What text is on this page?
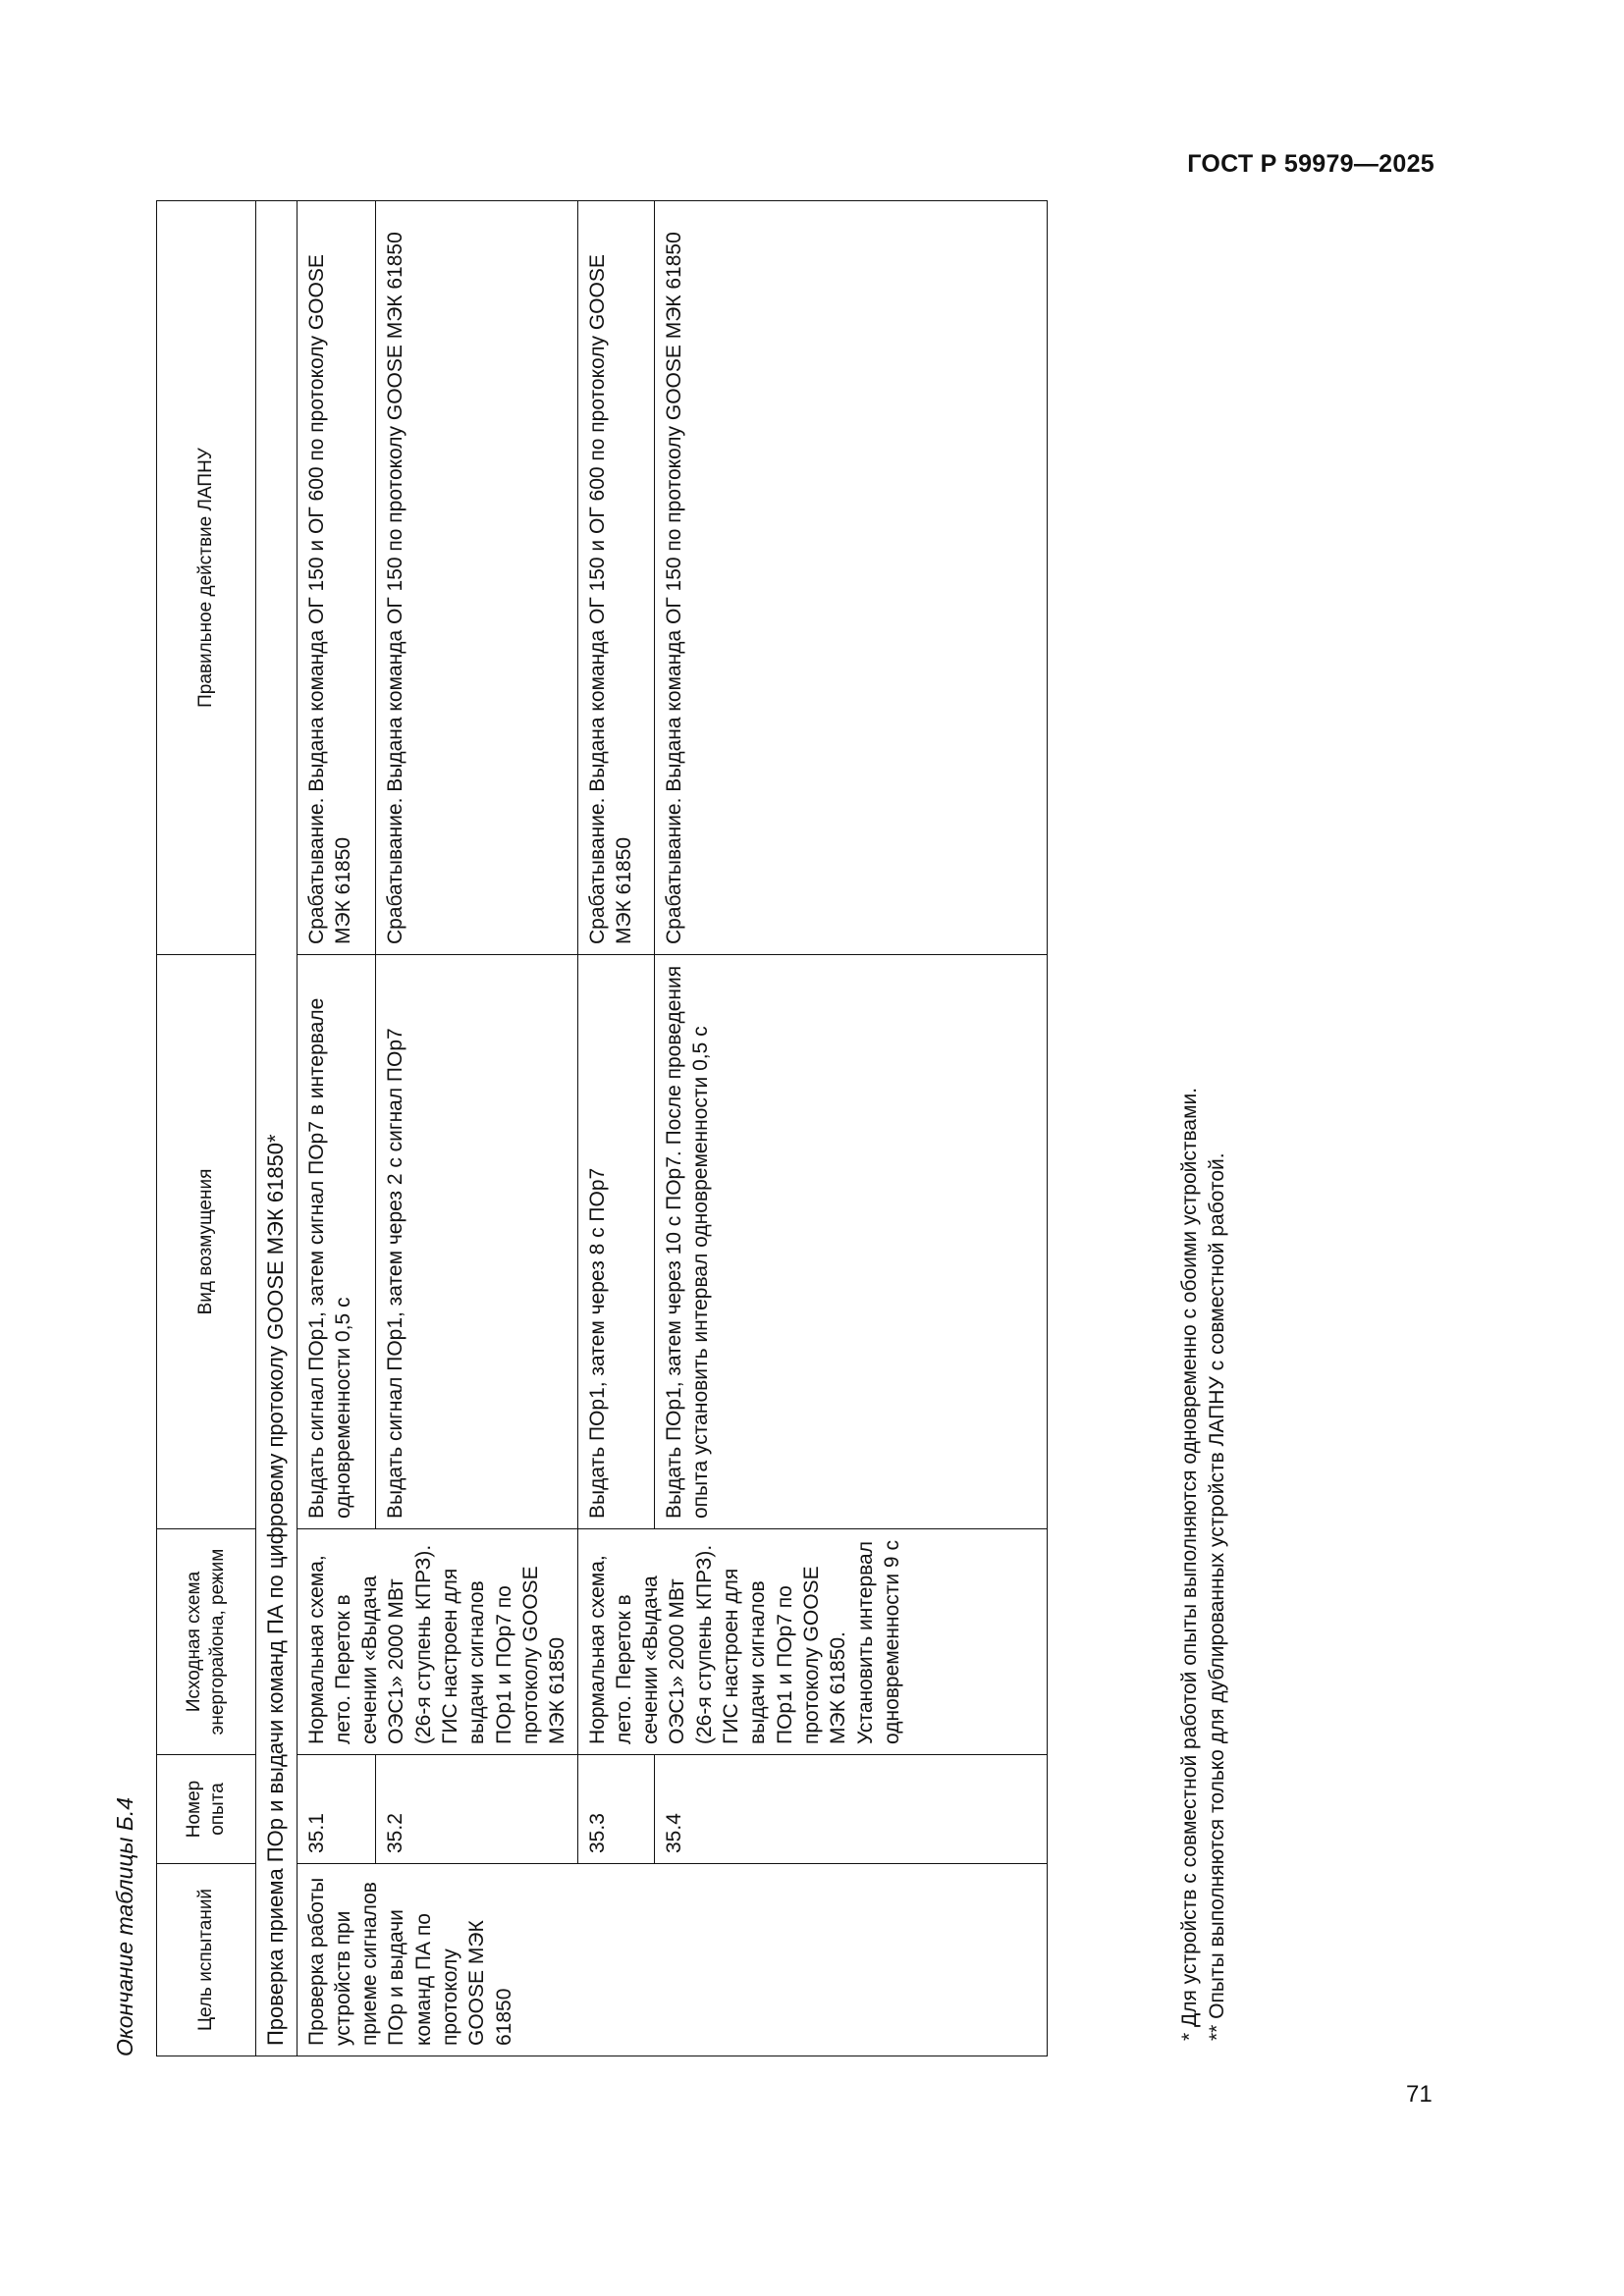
ГОСТ Р 59979—2025
Окончание таблицы Б.4	Цель испытаний	Номер опыта	Исходная схема энергорайона, режим	Вид возмущения	Правильное действие ЛАПНУ
Проверка приема ПОр и выдачи команд ПА по цифровому протоколу GOOSE МЭК 61850*				
Проверка работы устройств при приеме сигналов ПОр и выдачи команд ПА по протоколу GOOSE МЭК 61850	35.1	Нормальная схема, лето. Переток в сечении «Выдача ОЭС1» 2000 МВт (26-я ступень КПРЗ). ГИС настроен для выдачи сигналов ПОр1 и ПОр7 по протоколу GOOSE МЭК 61850	Выдать сигнал ПОр1, затем сигнал ПОр7 в интервале одновременности 0,5 с	Срабатывание. Выдана команда ОГ 150 и ОГ 600 по протоколу GOOSE МЭК 61850
	35.2		Выдать сигнал ПОр1, затем через 2 с сигнал ПОр7	Срабатывание. Выдана команда ОГ 150 по протоколу GOOSE МЭК 61850
	35.3	Нормальная схема, лето. Переток в сечении «Выдача ОЭС1» 2000 МВт (26-я ступень КПРЗ). ГИС настроен для выдачи сигналов ПОр1 и ПОр7 по протоколу GOOSE МЭК 61850. Установить интервал одновременности 9 с	Выдать ПОр1, затем через 8 с ПОр7	Срабатывание. Выдана команда ОГ 150 и ОГ 600 по протоколу GOOSE МЭК 61850
	35.4		Выдать ПОр1, затем через 10 с ПОр7. После проведения опыта установить интервал одновременности 0,5 с	Срабатывание. Выдана команда ОГ 150 по протоколу GOOSE МЭК 61850
* Для устройств с совместной работой опыты выполняются одновременно с обоими устройствами. ** Опыты выполняются только для дублированных устройств ЛАПНУ с совместной работой.
71
